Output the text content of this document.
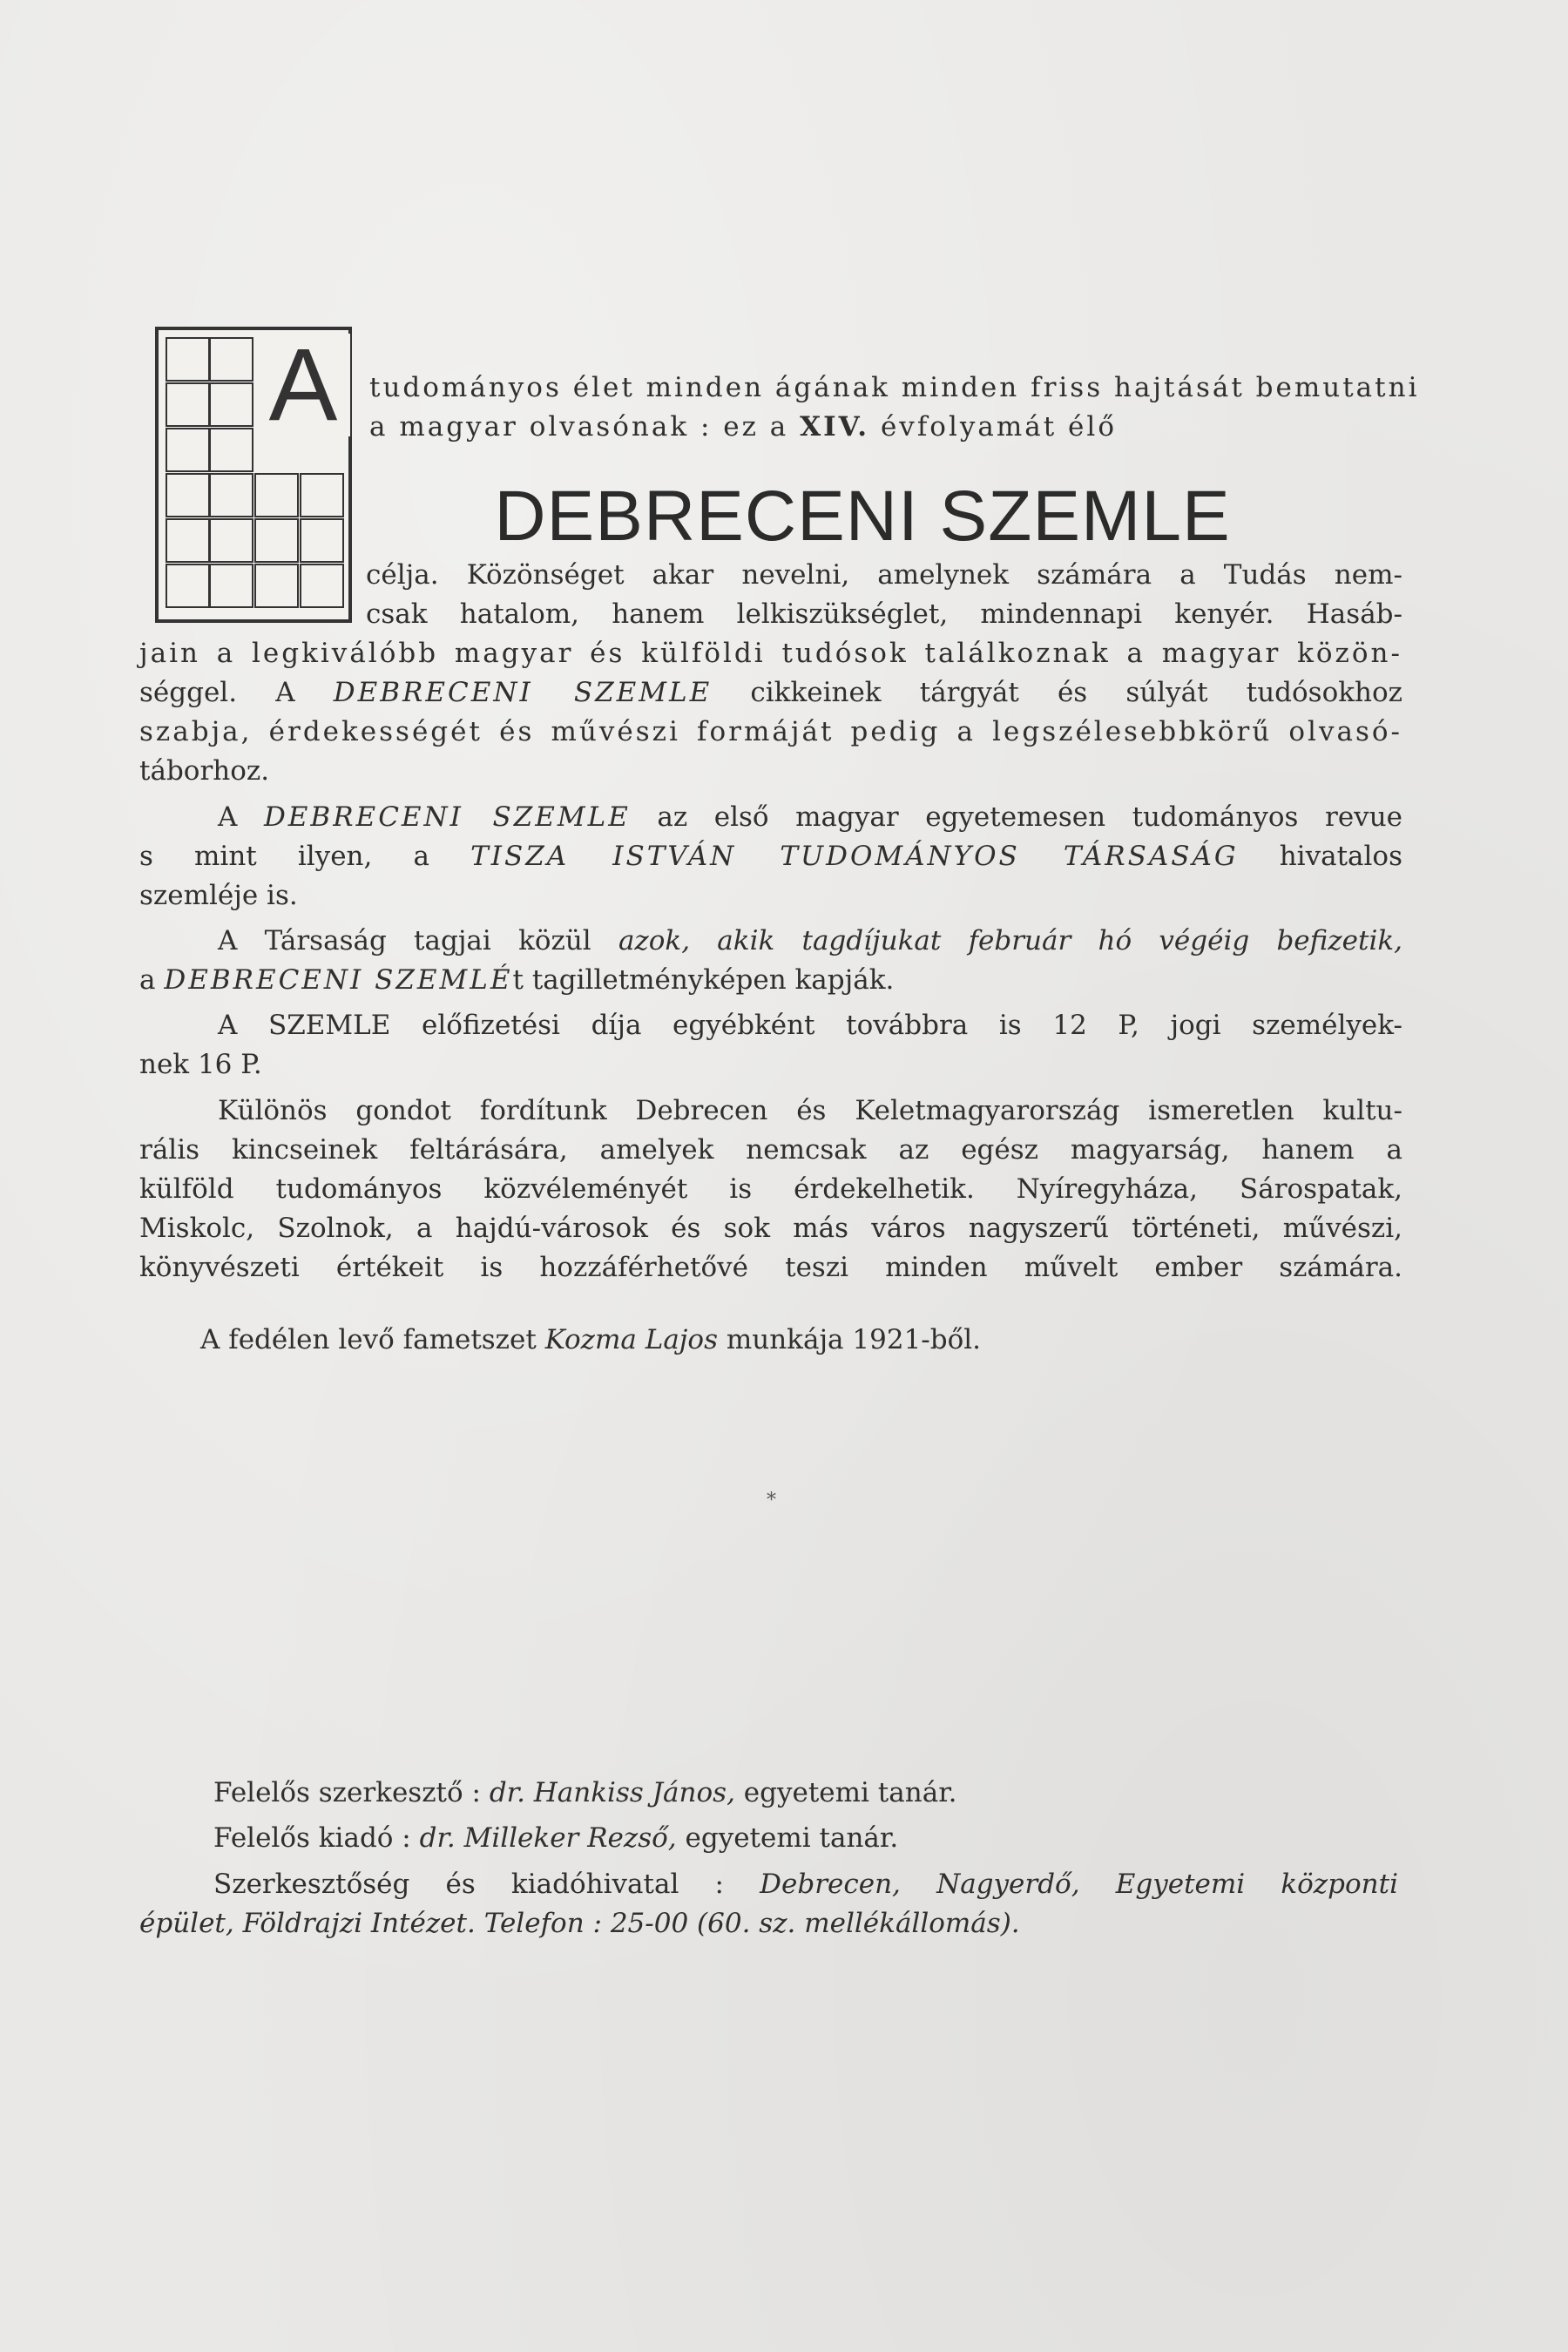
A	tudományos élet minden ágának minden friss hajtását bemutatni
a magyar olvasónak : ez a XIV. évfolyamát élő
DEBRECENI SZEMLE
célja. Közönséget akar nevelni, amelynek számára a Tudás nem-
csak hatalom, hanem lelkiszükséglet, mindennapi kenyér. Hasáb-
jain a legkiválóbb magyar és külföldi tudósok találkoznak a magyar közön-
séggel. A DEBRECENI SZEMLE cikkeinek tárgyát és súlyát tudósokhoz
szabja, érdekességét és művészi formáját pedig a legszélesebbkörű olvasó-
táborhoz.
A DEBRECENI SZEMLE az első magyar egyetemesen tudományos revue
s mint ilyen, a TISZA ISTVÁN TUDOMÁNYOS TÁRSASÁG hivatalos
szemléje is.
A Társaság tagjai közül azok, akik tagdíjukat február hó végéig befizetik,
a DEBRECENI SZEMLÉt tagilletményképen kapják.
A SZEMLE előfizetési díja egyébként továbbra is 12 P, jogi személyek-
nek 16 P.
Különös gondot fordítunk Debrecen és Keletmagyarország ismeretlen kultu-
rális kincseinek feltárására, amelyek nemcsak az egész magyarság, hanem a
külföld tudományos közvéleményét is érdekelhetik. Nyíregyháza, Sárospatak,
Miskolc, Szolnok, a hajdú-városok és sok más város nagyszerű történeti, művészi,
könyvészeti értékeit is hozzáférhetővé teszi minden művelt ember számára.
A fedélen levő fametszet Kozma Lajos munkája 1921-ből.
*
Felelős szerkesztő : dr. Hankiss János, egyetemi tanár.
Felelős kiadó : dr. Milleker Rezső, egyetemi tanár.
Szerkesztőség és kiadóhivatal : Debrecen, Nagyerdő, Egyetemi központi
épület, Földrajzi Intézet. Telefon : 25-00 (60. sz. mellékállomás).
